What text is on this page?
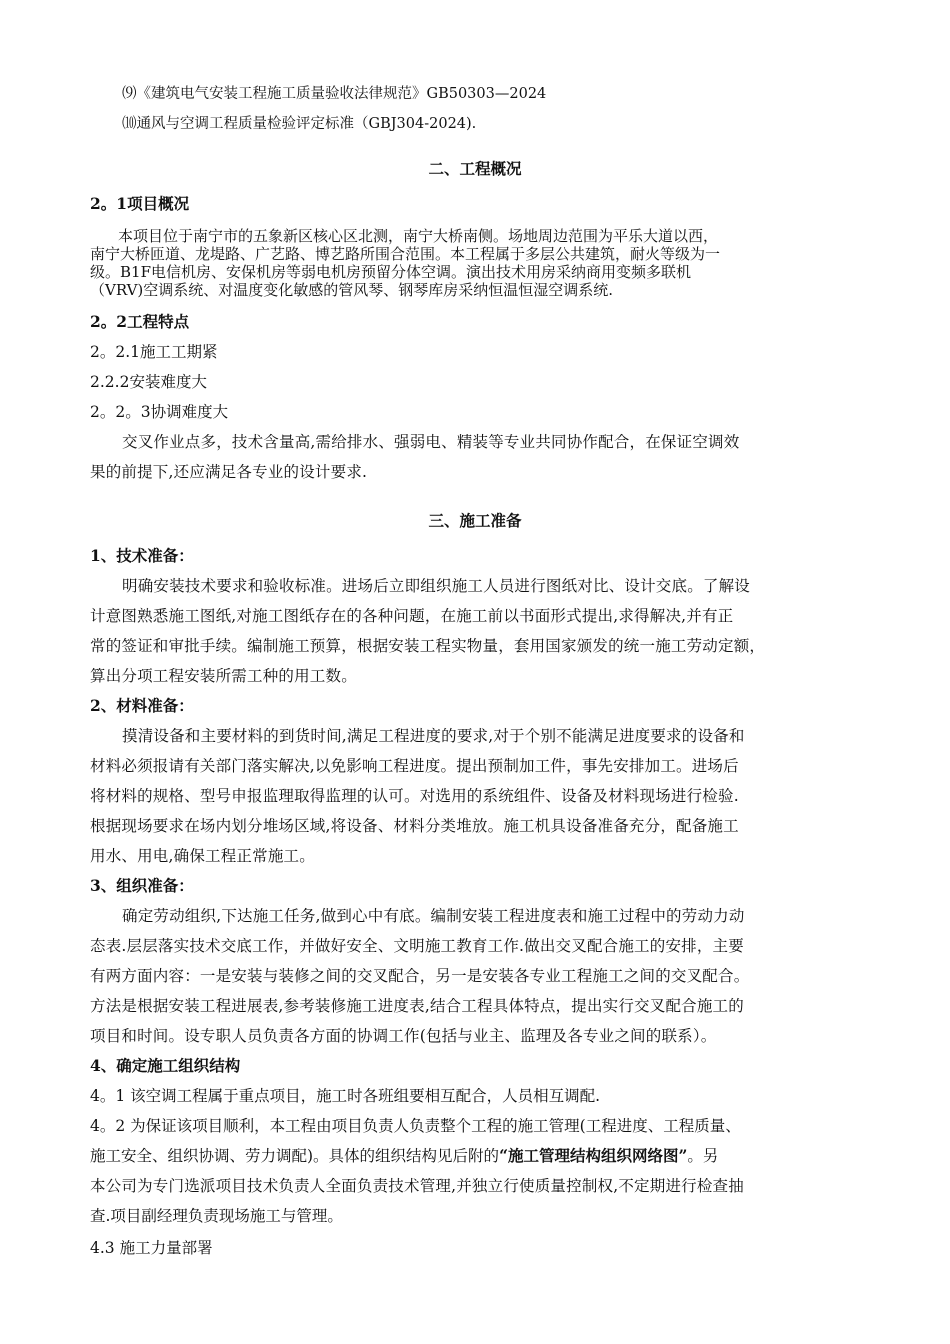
⑼《建筑电气安装工程施工质量验收法律规范》GB50303—2024
⑽通风与空调工程质量检验评定标准（GBJ304-2024).
二、工程概况
2。1项目概况
本项目位于南宁市的五象新区核心区北测，南宁大桥南侧。场地周边范围为平乐大道以西，
南宁大桥匝道、龙堤路、广艺路、博艺路所围合范围。本工程属于多层公共建筑，耐火等级为一
级。B1F电信机房、安保机房等弱电机房预留分体空调。演出技术用房采纳商用变频多联机
（VRV)空调系统、对温度变化敏感的管风琴、钢琴库房采纳恒温恒湿空调系统.
2。2工程特点
2。2.1施工工期紧
2.2.2安装难度大
2。2。3协调难度大
交叉作业点多，技术含量高,需给排水、强弱电、精装等专业共同协作配合，在保证空调效
果的前提下,还应满足各专业的设计要求.
三、施工准备
1、技术准备：
明确安装技术要求和验收标准。进场后立即组织施工人员进行图纸对比、设计交底。了解设
计意图熟悉施工图纸,对施工图纸存在的各种问题，在施工前以书面形式提出,求得解决,并有正
常的签证和审批手续。编制施工预算，根据安装工程实物量，套用国家颁发的统一施工劳动定额，
算出分项工程安装所需工种的用工数。
2、材料准备：
摸清设备和主要材料的到货时间,满足工程进度的要求,对于个别不能满足进度要求的设备和
材料必须报请有关部门落实解决,以免影响工程进度。提出预制加工件，事先安排加工。进场后
将材料的规格、型号申报监理取得监理的认可。对选用的系统组件、设备及材料现场进行检验.
根据现场要求在场内划分堆场区域,将设备、材料分类堆放。施工机具设备准备充分，配备施工
用水、用电,确保工程正常施工。
3、组织准备：
确定劳动组织,下达施工任务,做到心中有底。编制安装工程进度表和施工过程中的劳动力动
态表.层层落实技术交底工作，并做好安全、文明施工教育工作.做出交叉配合施工的安排，主要
有两方面内容：一是安装与装修之间的交叉配合，另一是安装各专业工程施工之间的交叉配合。
方法是根据安装工程进展表,参考装修施工进度表,结合工程具体特点，提出实行交叉配合施工的
项目和时间。设专职人员负责各方面的协调工作(包括与业主、监理及各专业之间的联系）。
4、确定施工组织结构
4。1 该空调工程属于重点项目，施工时各班组要相互配合，人员相互调配.
4。2 为保证该项目顺利，本工程由项目负责人负责整个工程的施工管理(工程进度、工程质量、
施工安全、组织协调、劳力调配)。具体的组织结构见后附的“施工管理结构组织网络图”。另
本公司为专门选派项目技术负责人全面负责技术管理,并独立行使质量控制权,不定期进行检查抽
查.项目副经理负责现场施工与管理。
4.3 施工力量部署
